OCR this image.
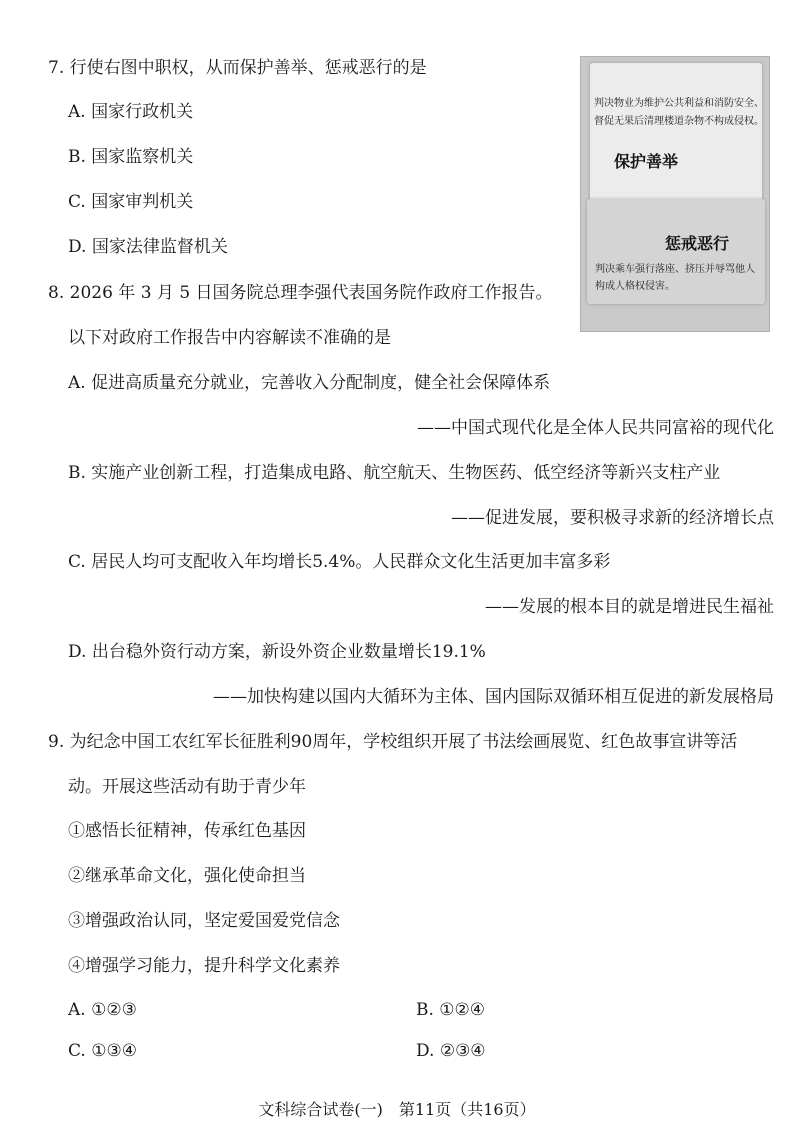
7. 行使右图中职权，从而保护善举、惩戒恶行的是
A. 国家行政机关
B. 国家监察机关
C. 国家审判机关
D. 国家法律监督机关
判决物业为维护公共利益和消防安全、
督促无果后清理楼道杂物不构成侵权。
保护善举
惩戒恶行
判决乘车强行落座、挤压并辱骂他人
构成人格权侵害。
8. 2026 年 3 月 5 日国务院总理李强代表国务院作政府工作报告。
以下对政府工作报告中内容解读不准确的是
A. 促进高质量充分就业，完善收入分配制度，健全社会保障体系
——中国式现代化是全体人民共同富裕的现代化
B. 实施产业创新工程，打造集成电路、航空航天、生物医药、低空经济等新兴支柱产业
——促进发展，要积极寻求新的经济增长点
C. 居民人均可支配收入年均增长5.4%。人民群众文化生活更加丰富多彩
——发展的根本目的就是增进民生福祉
D. 出台稳外资行动方案，新设外资企业数量增长19.1%
——加快构建以国内大循环为主体、国内国际双循环相互促进的新发展格局
9. 为纪念中国工农红军长征胜利90周年，学校组织开展了书法绘画展览、红色故事宣讲等活
动。开展这些活动有助于青少年
①感悟长征精神，传承红色基因
②继承革命文化，强化使命担当
③增强政治认同，坚定爱国爱党信念
④增强学习能力，提升科学文化素养
A. ①②③	B. ①②④
C. ①③④	D. ②③④
文科综合试卷(一)　第11页（共16页）
